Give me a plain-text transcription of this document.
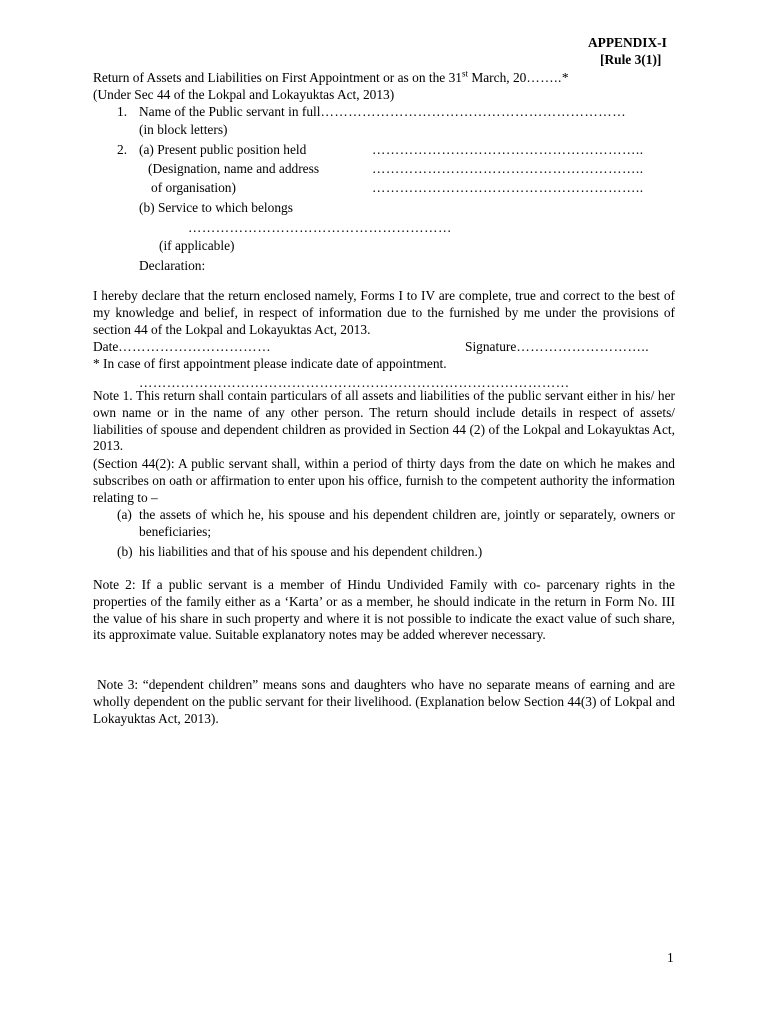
APPENDIX-I
[Rule 3(1)]
Return of Assets and Liabilities on First Appointment or as on the 31st March, 20……..*
(Under Sec 44 of the Lokpal and Lokayuktas Act, 2013)
1. Name of the Public servant in full…………………………………………………………
(in block letters)
2. (a) Present public position held	…………………………………………………..
(Designation, name and address	…………………………………………………..
of organisation)	…………………………………………………..
(b) Service to which belongs
…………………………………………………
(if applicable)
Declaration:
I hereby declare that the return enclosed namely, Forms I to IV are complete, true and correct to the best of my knowledge and belief, in respect of information due to the furnished by me under the provisions of section 44 of the Lokpal and Lokayuktas Act, 2013.
Date……………………………	Signature………………………..
* In case of first appointment please indicate date of appointment.
…………………………………………………………………………………
Note 1. This return shall contain particulars of all assets and liabilities of the public servant either in his/ her own name or in the name of any other person. The return should include details in respect of assets/ liabilities of spouse and dependent children as provided in Section 44 (2) of the Lokpal and Lokayuktas Act, 2013.
(Section 44(2): A public servant shall, within a period of thirty days from the date on which he makes and subscribes on oath or affirmation to enter upon his office, furnish to the competent authority the information relating to –
(a) the assets of which he, his spouse and his dependent children are, jointly or separately, owners or beneficiaries;
(b) his liabilities and that of his spouse and his dependent children.)
Note 2: If a public servant is a member of Hindu Undivided Family with co- parcenary rights in the properties of the family either as a ‘Karta’ or as a member, he should indicate in the return in Form No. III the value of his share in such property and where it is not possible to indicate the exact value of such share, its approximate value. Suitable explanatory notes may be added wherever necessary.
Note 3: “dependent children” means sons and daughters who have no separate means of earning and are wholly dependent on the public servant for their livelihood. (Explanation below Section 44(3) of Lokpal and Lokayuktas Act, 2013).
1
